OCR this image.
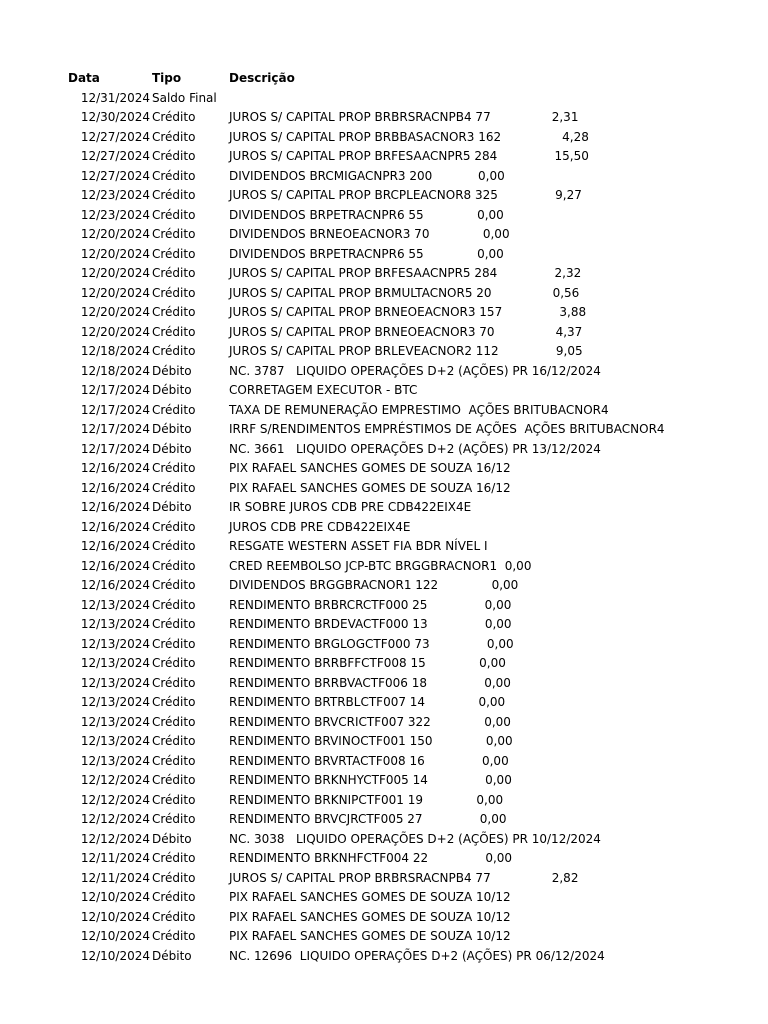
Data	Tipo	Descrição
12/31/2024 Saldo Final
12/30/2024 Crédito	JUROS S/ CAPITAL PROP BRBRSRACNPB4 77                2,31
12/27/2024 Crédito	JUROS S/ CAPITAL PROP BRBBASACNOR3 162                4,28
12/27/2024 Crédito	JUROS S/ CAPITAL PROP BRFESAACNPR5 284               15,50
12/27/2024 Crédito	DIVIDENDOS BRCMIGACNPR3 200            0,00
12/23/2024 Crédito	JUROS S/ CAPITAL PROP BRCPLEACNOR8 325               9,27
12/23/2024 Crédito	DIVIDENDOS BRPETRACNPR6 55              0,00
12/20/2024 Crédito	DIVIDENDOS BRNEOEACNOR3 70              0,00
12/20/2024 Crédito	DIVIDENDOS BRPETRACNPR6 55              0,00
12/20/2024 Crédito	JUROS S/ CAPITAL PROP BRFESAACNPR5 284               2,32
12/20/2024 Crédito	JUROS S/ CAPITAL PROP BRMULTACNOR5 20                0,56
12/20/2024 Crédito	JUROS S/ CAPITAL PROP BRNEOEACNOR3 157               3,88
12/20/2024 Crédito	JUROS S/ CAPITAL PROP BRNEOEACNOR3 70                4,37
12/18/2024 Crédito	JUROS S/ CAPITAL PROP BRLEVEACNOR2 112               9,05
12/18/2024 Débito	NC. 3787   LIQUIDO OPERAÇÕES D+2 (AÇÕES) PR 16/12/2024
12/17/2024 Débito	CORRETAGEM EXECUTOR - BTC
12/17/2024 Crédito	TAXA DE REMUNERAÇÃO EMPRESTIMO  AÇÕES BRITUBACNOR4
12/17/2024 Débito	IRRF S/RENDIMENTOS EMPRÉSTIMOS DE AÇÕES  AÇÕES BRITUBACNOR4
12/17/2024 Débito	NC. 3661   LIQUIDO OPERAÇÕES D+2 (AÇÕES) PR 13/12/2024
12/16/2024 Crédito	PIX RAFAEL SANCHES GOMES DE SOUZA 16/12
12/16/2024 Crédito	PIX RAFAEL SANCHES GOMES DE SOUZA 16/12
12/16/2024 Débito	IR SOBRE JUROS CDB PRE CDB422EIX4E
12/16/2024 Crédito	JUROS CDB PRE CDB422EIX4E
12/16/2024 Crédito	RESGATE WESTERN ASSET FIA BDR NÍVEL I
12/16/2024 Crédito	CRED REEMBOLSO JCP-BTC BRGGBRACNOR1  0,00
12/16/2024 Crédito	DIVIDENDOS BRGGBRACNOR1 122              0,00
12/13/2024 Crédito	RENDIMENTO BRBRCRCTF000 25               0,00
12/13/2024 Crédito	RENDIMENTO BRDEVACTF000 13               0,00
12/13/2024 Crédito	RENDIMENTO BRGLOGCTF000 73               0,00
12/13/2024 Crédito	RENDIMENTO BRRBFFCTF008 15              0,00
12/13/2024 Crédito	RENDIMENTO BRRBVACTF006 18               0,00
12/13/2024 Crédito	RENDIMENTO BRTRBLCTF007 14              0,00
12/13/2024 Crédito	RENDIMENTO BRVCRICTF007 322              0,00
12/13/2024 Crédito	RENDIMENTO BRVINOCTF001 150              0,00
12/13/2024 Crédito	RENDIMENTO BRVRTACTF008 16               0,00
12/12/2024 Crédito	RENDIMENTO BRKNHYCTF005 14               0,00
12/12/2024 Crédito	RENDIMENTO BRKNIPCTF001 19              0,00
12/12/2024 Crédito	RENDIMENTO BRVCJRCTF005 27               0,00
12/12/2024 Débito	NC. 3038   LIQUIDO OPERAÇÕES D+2 (AÇÕES) PR 10/12/2024
12/11/2024 Crédito	RENDIMENTO BRKNHFCTF004 22               0,00
12/11/2024 Crédito	JUROS S/ CAPITAL PROP BRBRSRACNPB4 77                2,82
12/10/2024 Crédito	PIX RAFAEL SANCHES GOMES DE SOUZA 10/12
12/10/2024 Crédito	PIX RAFAEL SANCHES GOMES DE SOUZA 10/12
12/10/2024 Crédito	PIX RAFAEL SANCHES GOMES DE SOUZA 10/12
12/10/2024 Débito	NC. 12696  LIQUIDO OPERAÇÕES D+2 (AÇÕES) PR 06/12/2024
